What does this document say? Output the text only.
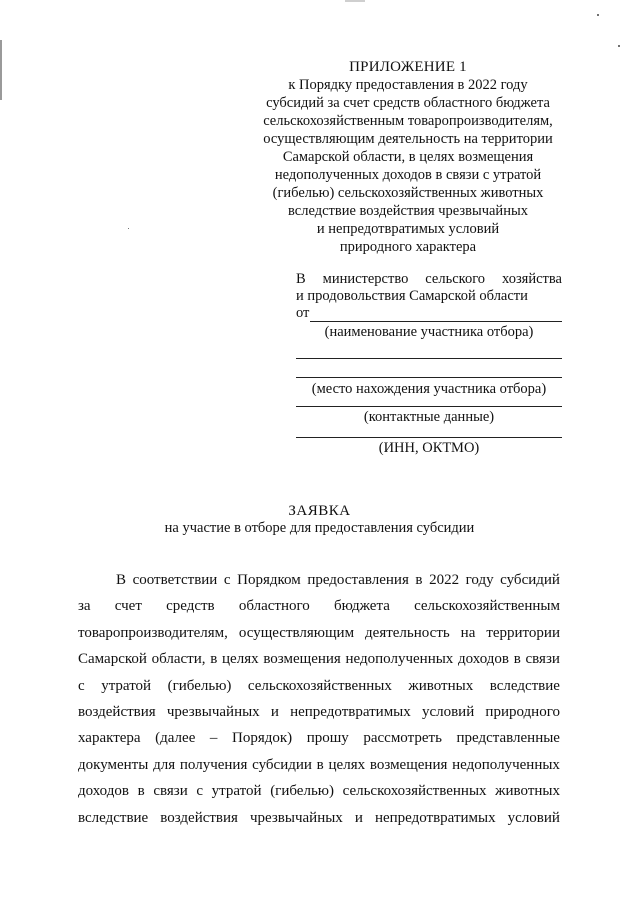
ПРИЛОЖЕНИЕ 1
к Порядку предоставления в 2022 году
субсидий за счет средств областного бюджета
сельскохозяйственным товаропроизводителям,
осуществляющим деятельность на территории
Самарской области, в целях возмещения
недополученных доходов в связи с утратой
(гибелью) сельскохозяйственных животных
вследствие воздействия чрезвычайных
и непредотвратимых условий
природного характера
В министерство сельского хозяйства
и продовольствия Самарской области
от
(наименование участника отбора)
(место нахождения участника отбора)
(контактные данные)
(ИНН, ОКТМО)
ЗАЯВКА
на участие в отборе для предоставления субсидии
В соответствии с Порядком предоставления в 2022 году субсидий
за счет средств областного бюджета сельскохозяйственным
товаропроизводителям, осуществляющим деятельность на территории
Самарской области, в целях возмещения недополученных доходов в связи
с утратой (гибелью) сельскохозяйственных животных вследствие
воздействия чрезвычайных и непредотвратимых условий природного
характера (далее – Порядок) прошу рассмотреть представленные
документы для получения субсидии в целях возмещения недополученных
доходов в связи с утратой (гибелью) сельскохозяйственных животных
вследствие воздействия чрезвычайных и непредотвратимых условий
